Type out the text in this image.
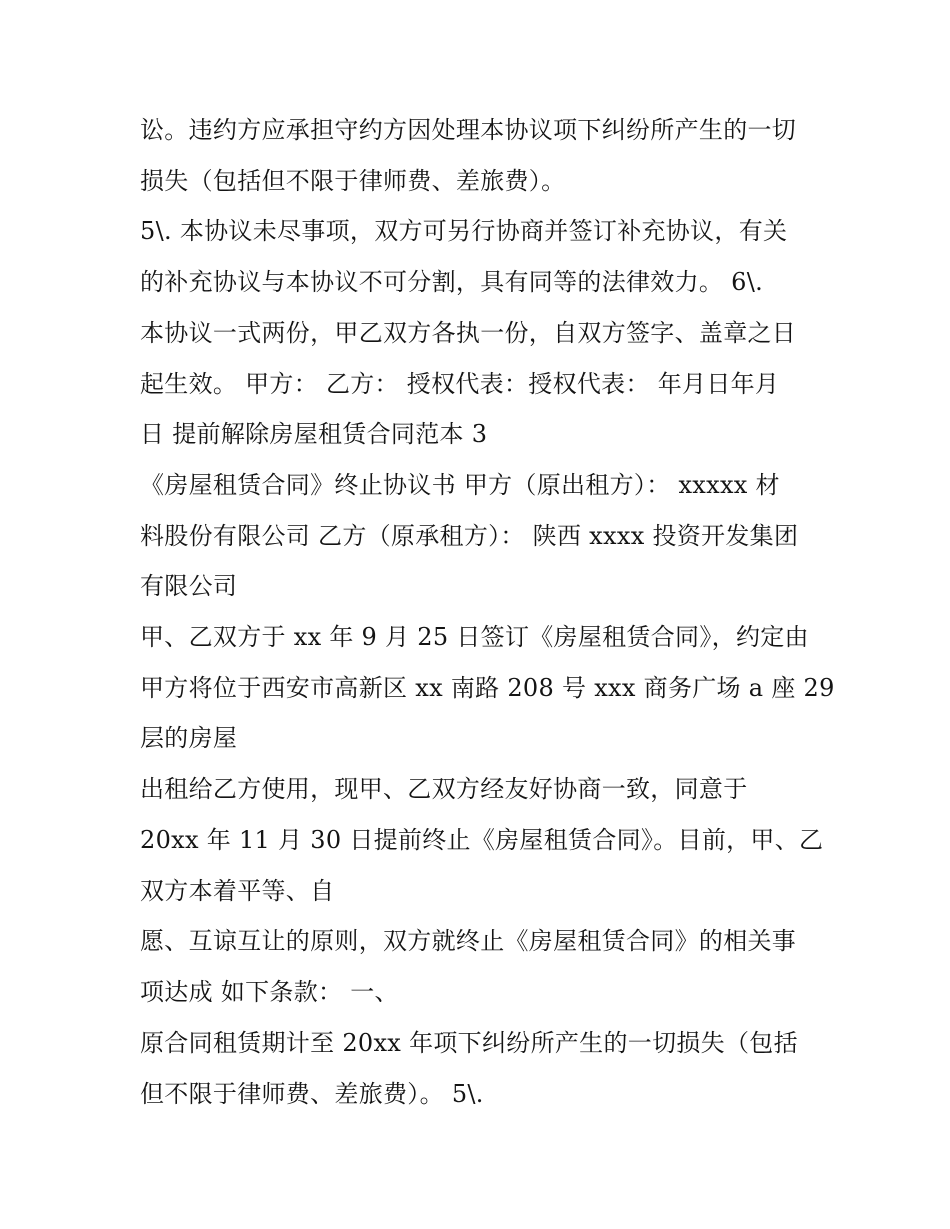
讼。违约方应承担守约方因处理本协议项下纠纷所产生的一切
损失（包括但不限于律师费、差旅费）。
5\. 本协议未尽事项，双方可另行协商并签订补充协议，有关
的补充协议与本协议不可分割，具有同等的法律效力。 6\.
本协议一式两份，甲乙双方各执一份，自双方签字、盖章之日
起生效。 甲方： 乙方： 授权代表：授权代表： 年月日年月
日 提前解除房屋租赁合同范本 3
《房屋租赁合同》终止协议书 甲方（原出租方）： xxxxx 材
料股份有限公司 乙方（原承租方）： 陕西 xxxx 投资开发集团
有限公司
甲、乙双方于 xx 年 9 月 25 日签订《房屋租赁合同》，约定由
甲方将位于西安市高新区 xx 南路 208 号 xxx 商务广场 a 座 29
层的房屋
出租给乙方使用，现甲、乙双方经友好协商一致，同意于
20xx 年 11 月 30 日提前终止《房屋租赁合同》。目前，甲、乙
双方本着平等、自
愿、互谅互让的原则，双方就终止《房屋租赁合同》的相关事
项达成 如下条款： 一、
原合同租赁期计至 20xx 年项下纠纷所产生的一切损失（包括
但不限于律师费、差旅费）。 5\.
